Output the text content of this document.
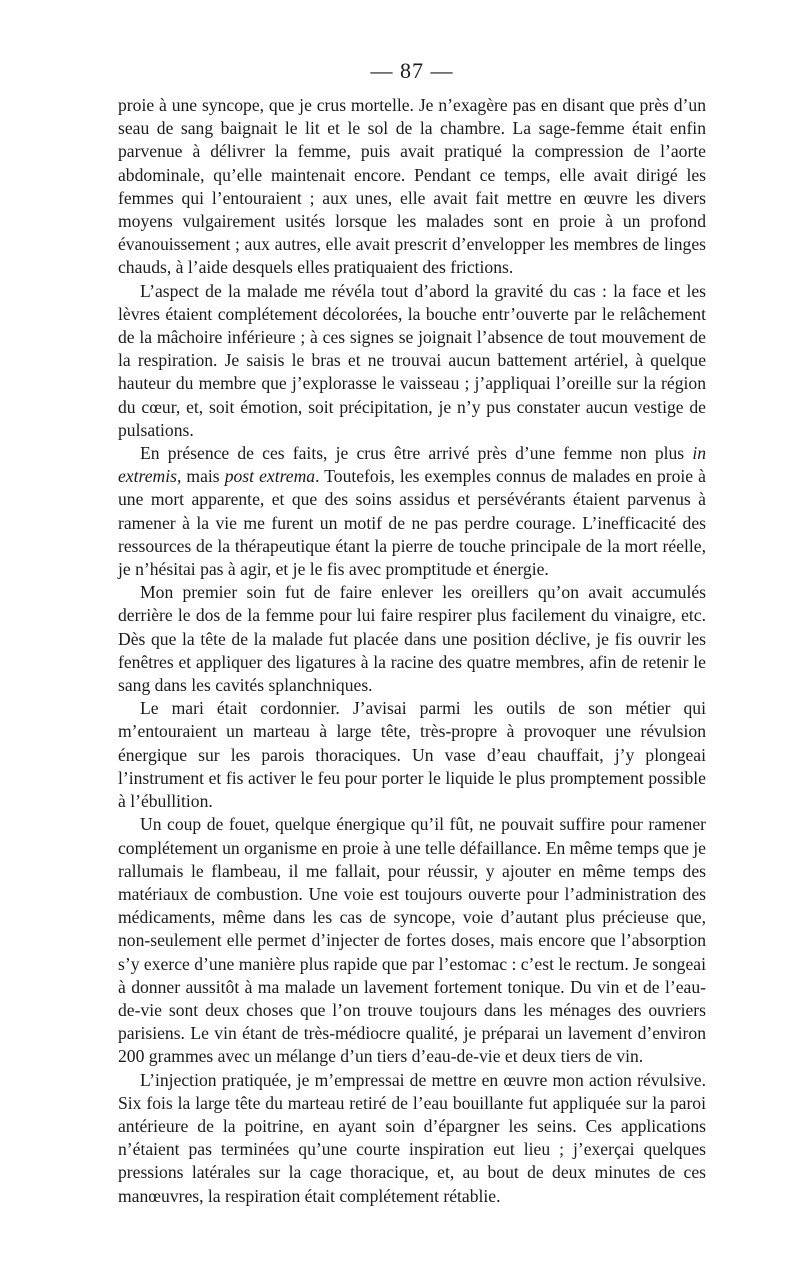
— 87 —

proie à une syncope, que je crus mortelle. Je n’exagère pas en disant que près d’un seau de sang baignait le lit et le sol de la chambre. La sage-femme était enfin parvenue à délivrer la femme, puis avait pratiqué la compression de l’aorte abdominale, qu’elle maintenait encore. Pendant ce temps, elle avait dirigé les femmes qui l’entouraient ; aux unes, elle avait fait mettre en œuvre les divers moyens vulgairement usités lorsque les malades sont en proie à un profond évanouissement ; aux autres, elle avait prescrit d’envelopper les membres de linges chauds, à l’aide desquels elles pratiquaient des frictions.

L’aspect de la malade me révéla tout d’abord la gravité du cas : la face et les lèvres étaient complétement décolorées, la bouche entr’ouverte par le relâchement de la mâchoire inférieure ; à ces signes se joignait l’absence de tout mouvement de la respiration. Je saisis le bras et ne trouvai aucun battement artériel, à quelque hauteur du membre que j’explorasse le vaisseau ; j’appliquai l’oreille sur la région du cœur, et, soit émotion, soit précipitation, je n’y pus constater aucun vestige de pulsations.

En présence de ces faits, je crus être arrivé près d’une femme non plus in extremis, mais post extrema. Toutefois, les exemples connus de malades en proie à une mort apparente, et que des soins assidus et persévérants étaient parvenus à ramener à la vie me furent un motif de ne pas perdre courage. L’inefficacité des ressources de la thérapeutique étant la pierre de touche principale de la mort réelle, je n’hésitai pas à agir, et je le fis avec promptitude et énergie.

Mon premier soin fut de faire enlever les oreillers qu’on avait accumulés derrière le dos de la femme pour lui faire respirer plus facilement du vinaigre, etc. Dès que la tête de la malade fut placée dans une position déclive, je fis ouvrir les fenêtres et appliquer des ligatures à la racine des quatre membres, afin de retenir le sang dans les cavités splanchniques.

Le mari était cordonnier. J’avisai parmi les outils de son métier qui m’entouraient un marteau à large tête, très-propre à provoquer une révulsion énergique sur les parois thoraciques. Un vase d’eau chauffait, j’y plongeai l’instrument et fis activer le feu pour porter le liquide le plus promptement possible à l’ébullition.

Un coup de fouet, quelque énergique qu’il fût, ne pouvait suffire pour ramener complétement un organisme en proie à une telle défaillance. En même temps que je rallumais le flambeau, il me fallait, pour réussir, y ajouter en même temps des matériaux de combustion. Une voie est toujours ouverte pour l’administration des médicaments, même dans les cas de syncope, voie d’autant plus précieuse que, non-seulement elle permet d’injecter de fortes doses, mais encore que l’absorption s’y exerce d’une manière plus rapide que par l’estomac : c’est le rectum. Je songeai à donner aussitôt à ma malade un lavement fortement tonique. Du vin et de l’eau-de-vie sont deux choses que l’on trouve toujours dans les ménages des ouvriers parisiens. Le vin étant de très-médiocre qualité, je préparai un lavement d’environ 200 grammes avec un mélange d’un tiers d’eau-de-vie et deux tiers de vin.

L’injection pratiquée, je m’empressai de mettre en œuvre mon action révulsive. Six fois la large tête du marteau retiré de l’eau bouillante fut appliquée sur la paroi antérieure de la poitrine, en ayant soin d’épargner les seins. Ces applications n’étaient pas terminées qu’une courte inspiration eut lieu ; j’exerçai quelques pressions latérales sur la cage thoracique, et, au bout de deux minutes de ces manœuvres, la respiration était complétement rétablie.
